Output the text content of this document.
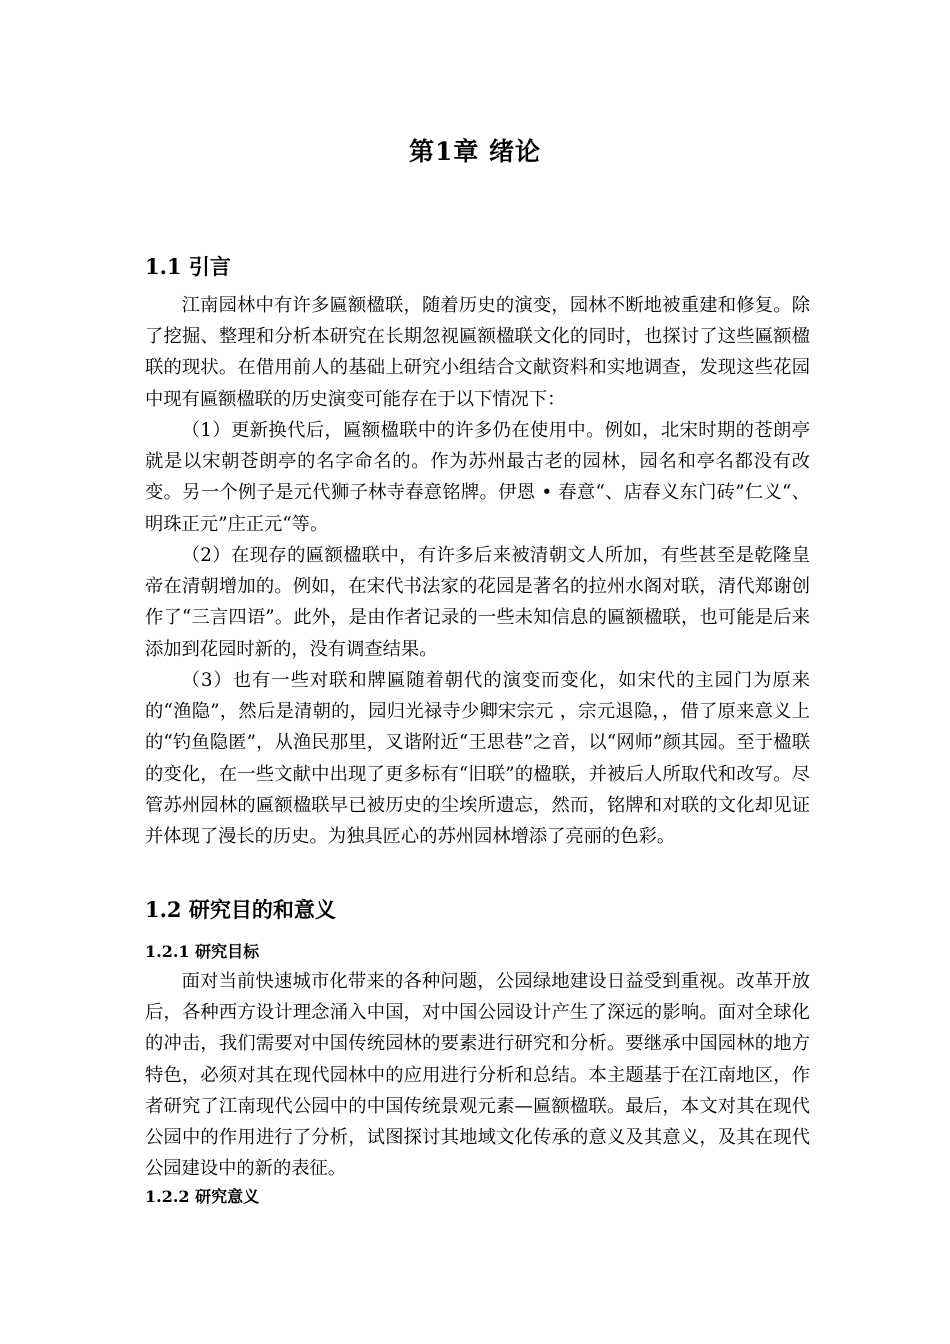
第1章 绪论
1.1 引言

江南园林中有许多匾额楹联，随着历史的演变，园林不断地被重建和修复。除了挖掘、整理和分析本研究在长期忽视匾额楹联文化的同时，也探讨了这些匾额楹联的现状。在借用前人的基础上研究小组结合文献资料和实地调查，发现这些花园中现有匾额楹联的历史演变可能存在于以下情况下：

（1）更新换代后，匾额楹联中的许多仍在使用中。例如，北宋时期的苍朗亭就是以宋朝苍朗亭的名字命名的。作为苏州最古老的园林，园名和亭名都没有改变。另一个例子是元代狮子林寺春意铭牌。伊恩 • 春意“、店春义东门砖”仁义“、明珠正元”庄正元“等。

（2）在现存的匾额楹联中，有许多后来被清朝文人所加，有些甚至是乾隆皇帝在清朝增加的。例如，在宋代书法家的花园是著名的拉州水阁对联，清代郑谢创作了“三言四语”。此外，是由作者记录的一些未知信息的匾额楹联，也可能是后来添加到花园时新的，没有调查结果。

（3）也有一些对联和牌匾随着朝代的演变而变化，如宋代的主园门为原来的“渔隐”，然后是清朝的，园归光禄寺少卿宋宗元 ，宗元退隐，，借了原来意义上的“钓鱼隐匿”，从渔民那里，叉谐附近“王思巷”之音，以“网师”颜其园。至于楹联的变化，在一些文献中出现了更多标有“旧联”的楹联，并被后人所取代和改写。尽管苏州园林的匾额楹联早已被历史的尘埃所遗忘，然而，铭牌和对联的文化却见证并体现了漫长的历史。为独具匠心的苏州园林增添了亮丽的色彩。

1.2 研究目的和意义
1.2.1 研究目标

面对当前快速城市化带来的各种问题，公园绿地建设日益受到重视。改革开放后，各种西方设计理念涌入中国，对中国公园设计产生了深远的影响。面对全球化的冲击，我们需要对中国传统园林的要素进行研究和分析。要继承中国园林的地方特色，必须对其在现代园林中的应用进行分析和总结。本主题基于在江南地区，作者研究了江南现代公园中的中国传统景观元素—匾额楹联。最后，本文对其在现代公园中的作用进行了分析，试图探讨其地域文化传承的意义及其意义，及其在现代公园建设中的新的表征。

1.2.2 研究意义
